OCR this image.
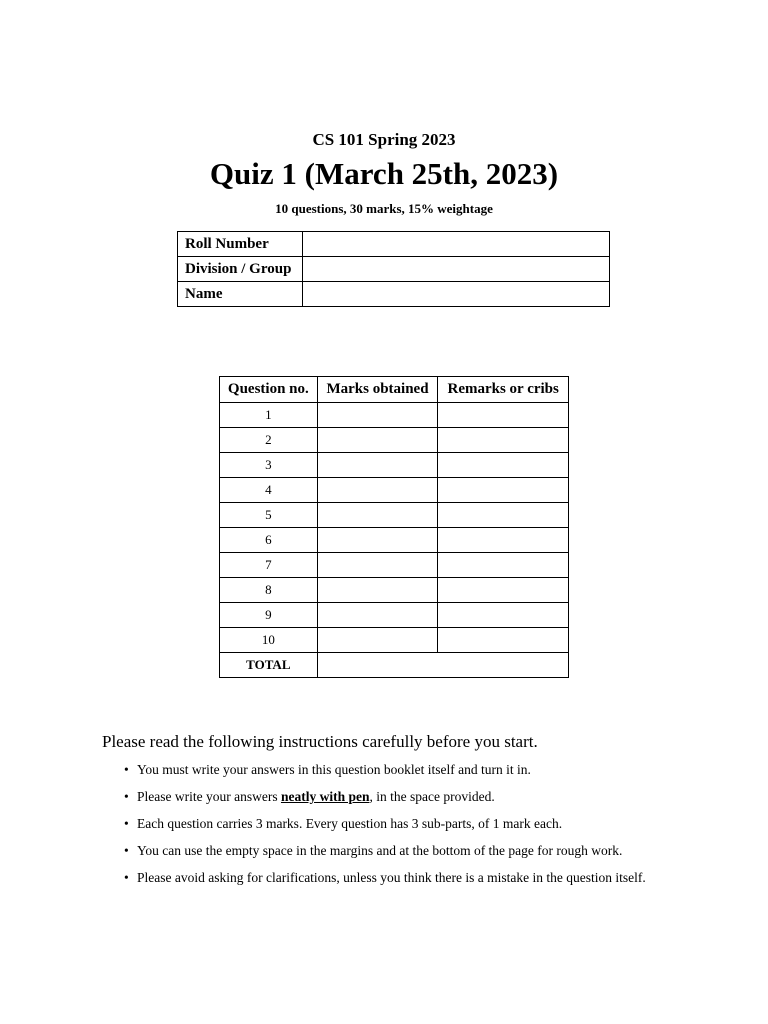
CS 101 Spring 2023
Quiz 1 (March 25th, 2023)
10 questions, 30 marks, 15% weightage
Roll Number	
Division / Group	
Name	
Question no.	Marks obtained	Remarks or cribs
1		
2		
3		
4		
5		
6		
7		
8		
9		
10		
TOTAL		
Please read the following instructions carefully before you start.
• You must write your answers in this question booklet itself and turn it in.
• Please write your answers neatly with pen, in the space provided.
• Each question carries 3 marks. Every question has 3 sub-parts, of 1 mark each.
• You can use the empty space in the margins and at the bottom of the page for rough work.
• Please avoid asking for clarifications, unless you think there is a mistake in the question itself.
